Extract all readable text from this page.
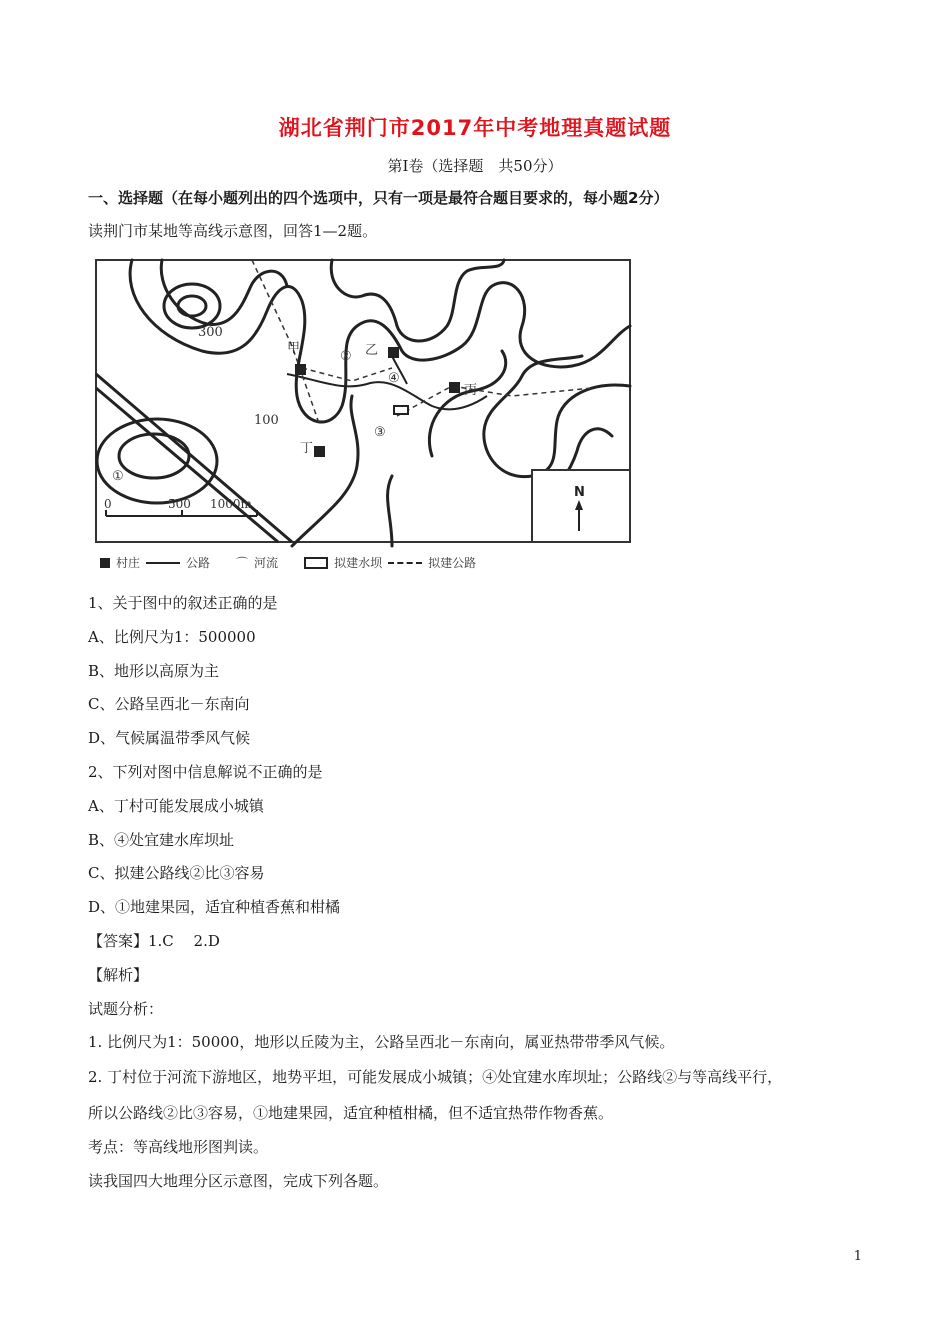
湖北省荆门市2017年中考地理真题试题
第Ⅰ卷（选择题　共50分）
一、选择题（在每小题列出的四个选项中，只有一项是最符合题目要求的，每小题2分）
读荆门市某地等高线示意图，回答1—2题。
300
100
甲	乙
丙
丁
①
②
③
④
0	500 1000m
N
村庄	公路 ⌒ 河流	拟建水坝	拟建公路
1、关于图中的叙述正确的是
A、比例尺为1：500000
B、地形以高原为主
C、公路呈西北－东南向
D、气候属温带季风气候
2、下列对图中信息解说不正确的是
A、丁村可能发展成小城镇
B、④处宜建水库坝址
C、拟建公路线②比③容易
D、①地建果园，适宜种植香蕉和柑橘
【答案】1.C　 2.D
【解析】
试题分析：
1. 比例尺为1：50000，地形以丘陵为主，公路呈西北－东南向，属亚热带带季风气候。
2. 丁村位于河流下游地区，地势平坦，可能发展成小城镇；④处宜建水库坝址；公路线②与等高线平行，
所以公路线②比③容易，①地建果园，适宜种植柑橘，但不适宜热带作物香蕉。
考点：等高线地形图判读。
读我国四大地理分区示意图，完成下列各题。
1
